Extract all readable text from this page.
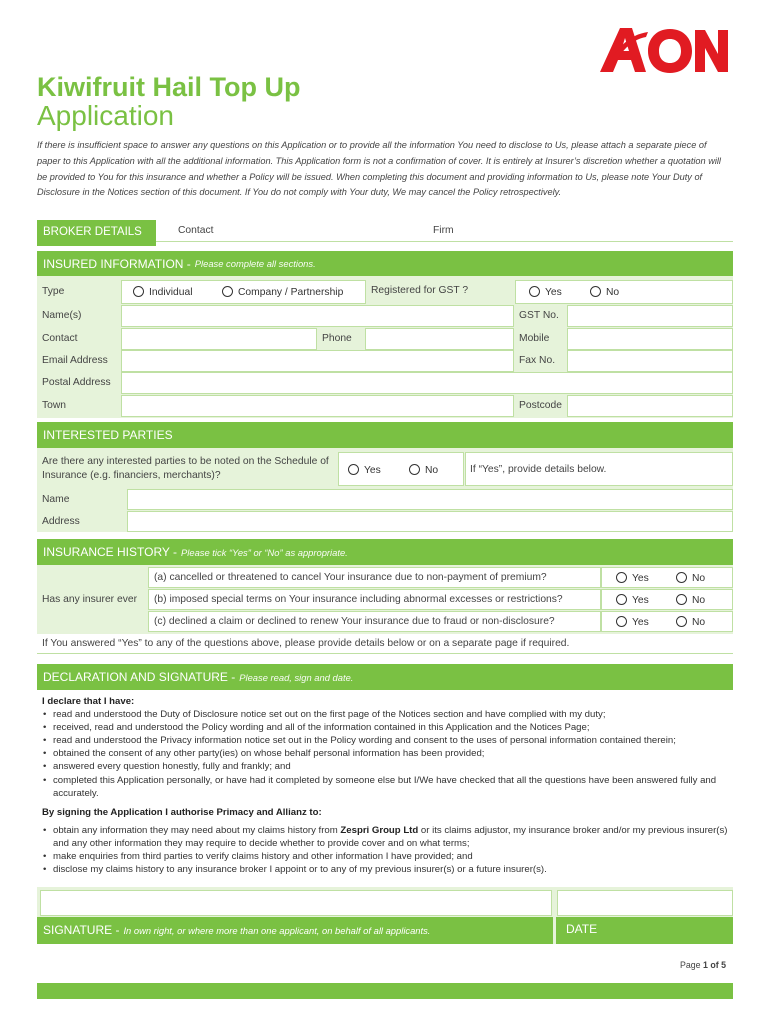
Kiwifruit Hail Top Up
Application
If there is insufficient space to answer any questions on this Application or to provide all the information You need to disclose to Us, please attach a separate piece of paper to this Application with all the additional information. This Application form is not a confirmation of cover. It is entirely at Insurer’s discretion whether a quotation will be provided to You for this insurance and whether a Policy will be issued. When completing this document and providing information to Us, please note Your Duty of Disclosure in the Notices section of this document. If You do not comply with Your duty, We may cancel the Policy retrospectively.
BROKER DETAILS	Contact	Firm
INSURED INFORMATION - Please complete all sections.
Type	Individual	Company / Partnership	Registered for GST ?	Yes	No
Name(s)	GST No.
Contact	Phone	Mobile
Email Address	Fax No.
Postal Address
Town	Postcode
INTERESTED PARTIES
Are there any interested parties to be noted on the Schedule of Insurance (e.g. financiers, merchants)?	Yes	No	If “Yes”, provide details below.
Name
Address
INSURANCE HISTORY - Please tick “Yes” or “No” as appropriate.
Has any insurer ever
(a) cancelled or threatened to cancel Your insurance due to non-payment of premium?	Yes	No
(b) imposed special terms on Your insurance including abnormal excesses or restrictions?	Yes	No
(c) declined a claim or declined to renew Your insurance due to fraud or non-disclosure?	Yes	No
If You answered “Yes” to any of the questions above, please provide details below or on a separate page if required.
DECLARATION AND SIGNATURE - Please read, sign and date.
I declare that I have:
• read and understood the Duty of Disclosure notice set out on the first page of the Notices section and have complied with my duty;
• received, read and understood the Policy wording and all of the information contained in this Application and the Notices Page;
• read and understood the Privacy information notice set out in the Policy wording and consent to the uses of personal information contained therein;
• obtained the consent of any other party(ies) on whose behalf personal information has been provided;
• answered every question honestly, fully and frankly; and
• completed this Application personally, or have had it completed by someone else but I/We have checked that all the questions have been answered fully and accurately.
By signing the Application I authorise Primacy and Allianz to:
• obtain any information they may need about my claims history from Zespri Group Ltd or its claims adjustor, my insurance broker and/or my previous insurer(s) and any other information they may require to decide whether to provide cover and on what terms;
• make enquiries from third parties to verify claims history and other information I have provided; and
• disclose my claims history to any insurance broker I appoint or to any of my previous insurer(s) or a future insurer(s).
SIGNATURE - In own right, or where more than one applicant, on behalf of all applicants.	DATE
Page 1 of 5
